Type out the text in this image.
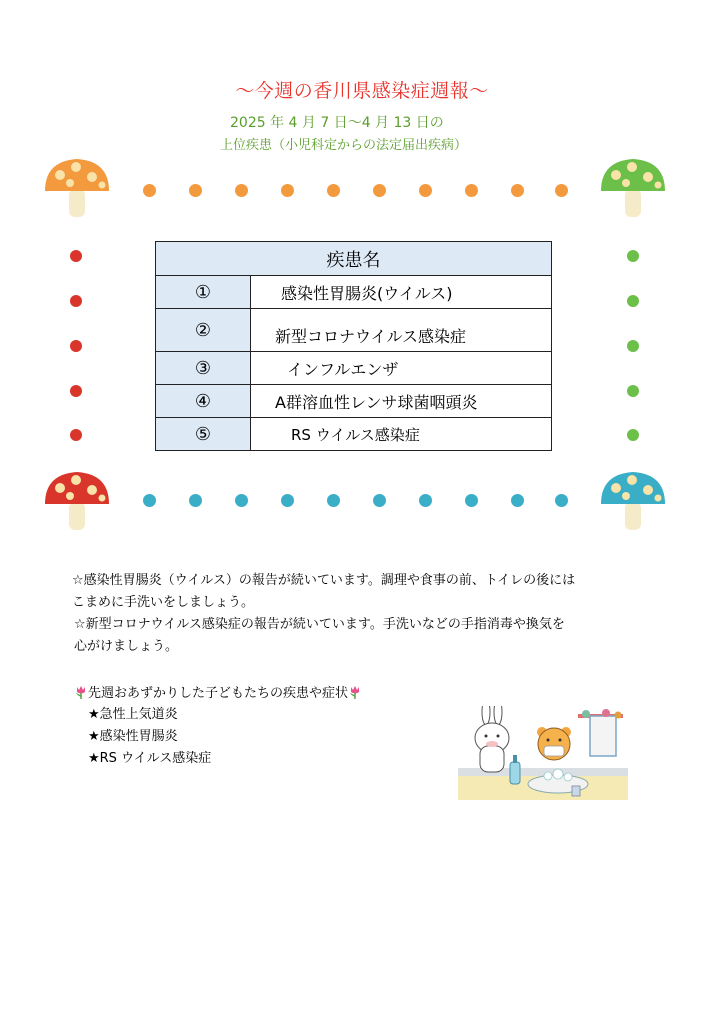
～今週の香川県感染症週報～
2025 年 4 月 7 日～4 月 13 日の
上位疾患（小児科定からの法定届出疾病）
疾患名	
①	感染性胃腸炎(ウイルス)
②	新型コロナウイルス感染症
③	インフルエンザ
④	A群溶血性レンサ球菌咽頭炎
⑤	RS ウイルス感染症

☆感染性胃腸炎（ウイルス）の報告が続いています。調理や食事の前、トイレの後には

こまめに手洗いをしましょう。

☆新型コロナウイルス感染症の報告が続いています。手洗いなどの手指消毒や換気を

心がけましょう。

先週おあずかりした子どもたちの疾患や症状
★急性上気道炎
★感染性胃腸炎
★RS ウイルス感染症
